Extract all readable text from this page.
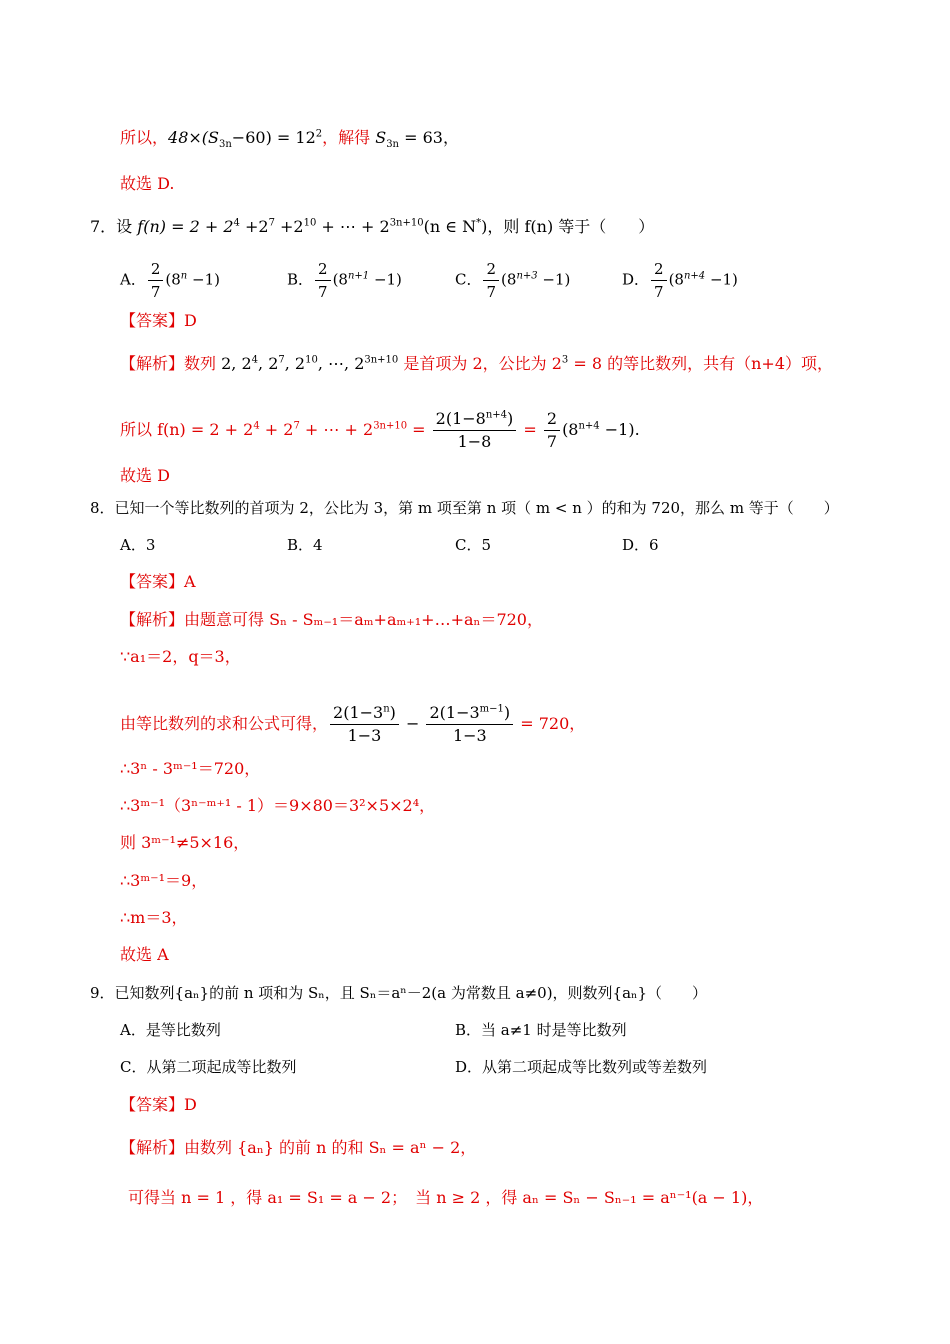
所以，$48\times(S_{3n}-60) = 12^2$，解得 $S_{3n} = 63$，
故选 D.
7．设 $f(n) = 2 + 2^4 +2^7 +2^{10}$ + ⋯ + $2^{3n+10}(n$ ∈ N*)，则 f(n) 等于（　　）
A． $\frac{2}{7} (8^n -1)$	B． $\frac{2}{7} (8^{n+1} -1)$	C． $\frac{2}{7} (8^{n+3} -1)$	D． $\frac{2}{7} (8^{n+4} -1)$
【答案】D
【解析】数列 2, $2^4$, $2^7$, $2^{10}$, ⋯, $2^{3n+10}$ 是首项为 2，公比为 $2^3 = 8$ 的等比数列，共有（n+4）项，
所以 $f(n) = 2 + 2^4 + 2^7$ + ⋯ + $2^{3n+10} = \frac{2(1-8^{n+4})}{1-8} = \frac{2}{7} (8^{n+4} -1)$.
故选 D
8．已知一个等比数列的首项为 2，公比为 3，第 m 项至第 n 项（ m < n ）的和为 720，那么 m 等于（　　）
A．3	B．4	C．5	D．6
【答案】A
【解析】由题意可得 Sₙ - Sₘ₋₁＝aₘ+aₘ₊₁+…+aₙ＝720，
∵a₁＝2，q＝3，
由等比数列的求和公式可得， $\frac{2(1-3^n)}{1-3} - \frac{2(1-3^{m-1})}{1-3} = 720$，
∴3ⁿ - 3ᵐ⁻¹＝720，
∴3ᵐ⁻¹（3ⁿ⁻ᵐ⁺¹ - 1）＝9×80＝3²×5×2⁴，
则 3ᵐ⁻¹≠5×16，
∴3ᵐ⁻¹＝9，
∴m＝3，
故选 A
9．已知数列{aₙ}的前 n 项和为 Sₙ，且 Sₙ＝aⁿ－2(a 为常数且 a≠0)，则数列{aₙ}（　　）
A．是等比数列	B．当 a≠1 时是等比数列
C．从第二项起成等比数列	D．从第二项起成等比数列或等差数列
【答案】D
【解析】由数列 {aₙ} 的前 n 的和 Sₙ = aⁿ − 2，
可得当 n = 1 ，得 a₁ = S₁ = a − 2；　当 n ≥ 2 ，得 aₙ = Sₙ − Sₙ₋₁ = aⁿ⁻¹(a − 1)，
